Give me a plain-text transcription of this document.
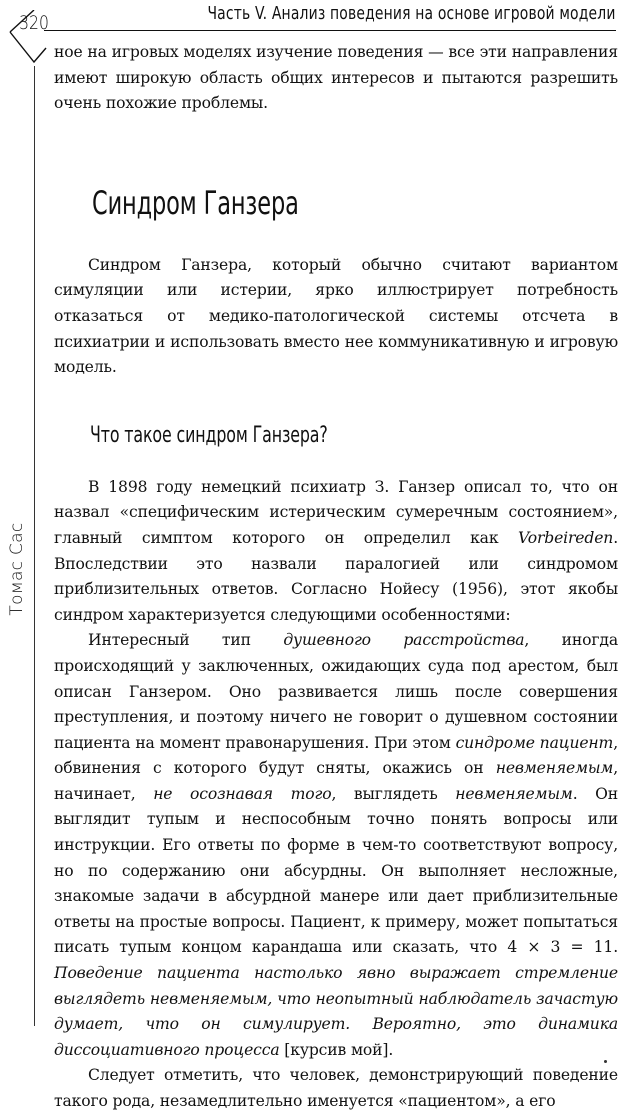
Часть V. Анализ поведения на основе игровой модели
320
Томас Сас

ное на игровых моделях изучение поведения — все эти направления имеют широкую область общих интересов и пытаются разрешить очень похожие проблемы.

Синдром Ганзера

Синдром Ганзера, который обычно считают вариантом симуляции или истерии, ярко иллюстрирует потребность отказаться от медико-патологической системы отсчета в психиатрии и использовать вместо нее коммуникативную и игровую модель.

Что такое синдром Ганзера?

В 1898 году немецкий психиатр З. Ганзер описал то, что он назвал «специфическим истерическим сумеречным состоянием», главный симптом которого он определил как Vorbeireden. Впоследствии это назвали паралогией или синдромом приблизительных ответов. Согласно Нойесу (1956), этот якобы синдром характеризуется следующими особенностями:

Интересный тип душевного расстройства, иногда происходящий у заключенных, ожидающих суда под арестом, был описан Ганзером. Оно развивается лишь после совершения преступления, и поэтому ничего не говорит о душевном состоянии пациента на момент правонарушения. При этом синдроме пациент, обвинения с которого будут сняты, окажись он невменяемым, начинает, не осознавая того, выглядеть невменяемым. Он выглядит тупым и неспособным точно понять вопросы или инструкции. Его ответы по форме в чем-то соответствуют вопросу, но по содержанию они абсурдны. Он выполняет несложные, знакомые задачи в абсурдной манере или дает приблизительные ответы на простые вопросы. Пациент, к примеру, может попытаться писать тупым концом карандаша или сказать, что 4 × 3 = 11. Поведение пациента настолько явно выражает стремление выглядеть невменяемым, что неопытный наблюдатель зачастую думает, что он симулирует. Вероятно, это динамика диссоциативного процесса [курсив мой].

Следует отметить, что человек, демонстрирующий поведение такого рода, незамедлительно именуется «пациентом», а его
